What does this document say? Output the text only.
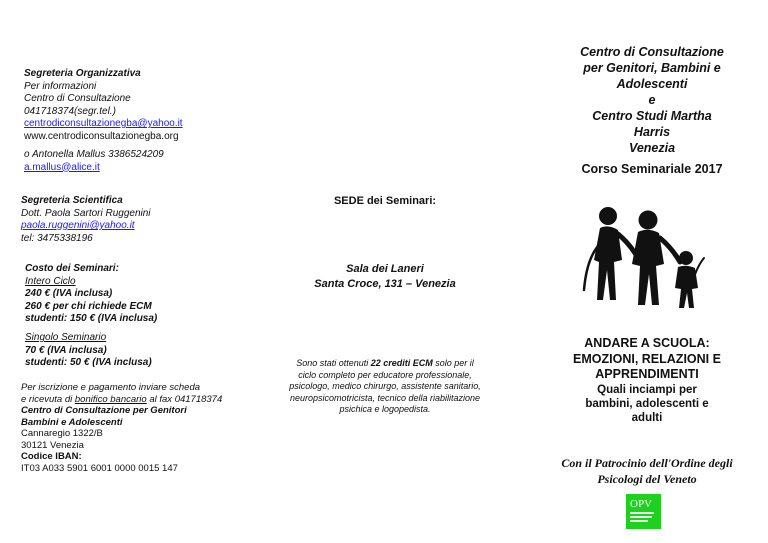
Segreteria Organizzativa
Per informazioni
Centro di Consultazione
041718374(segr.tel.)
centrodiconsultazionegba@yahoo.it
www.centrodiconsultazionegba.org
o Antonella Mallus 3386524209
a.mallus@alice.it
Segreteria Scientifica
Dott. Paola Sartori Ruggenini
paola.ruggenini@yahoo.it
tel: 3475338196
Costo dei Seminari:
Intero Ciclo
240 € (IVA inclusa)
260 € per chi richiede ECM
studenti: 150 € (IVA inclusa)
Singolo Seminario
70 € (IVA inclusa)
studenti: 50 € (IVA inclusa)
Per iscrizione e pagamento inviare scheda
e ricevuta di bonifico bancario al fax 041718374
Centro di Consultazione per Genitori
Bambini e Adolescenti
Cannaregio 1322/B
30121 Venezia
Codice IBAN:
IT03 A033 5901 6001 0000 0015 147
SEDE dei Seminari:
Sala dei Laneri
Santa Croce, 131 – Venezia
Sono stati ottenuti 22 crediti ECM solo per il
ciclo completo per educatore professionale,
psicologo, medico chirurgo, assistente sanitario,
neuropsicomotricista, tecnico della riabilitazione
psichica e logopedista.
Centro di Consultazione
per Genitori, Bambini e
Adolescenti
e
Centro Studi Martha
Harris
Venezia
Corso Seminariale 2017
ANDARE A SCUOLA:
EMOZIONI, RELAZIONI E
APPRENDIMENTI
Quali inciampi per
bambini, adolescenti e
adulti
Con il Patrocinio dell'Ordine degli
Psicologi del Veneto
OPV
